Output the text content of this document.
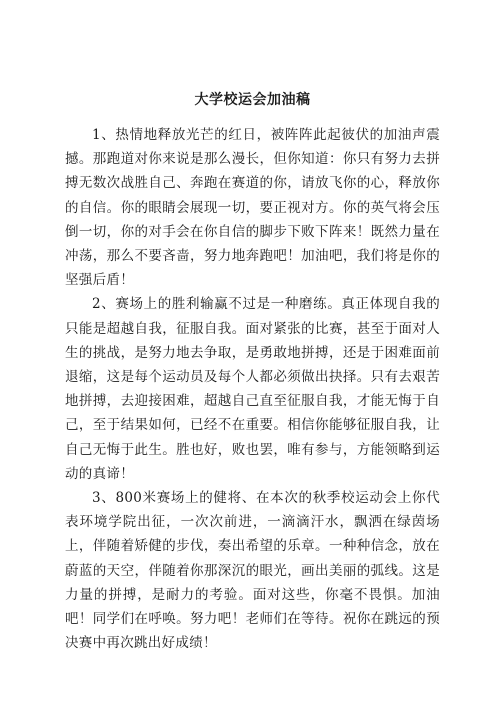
大学校运会加油稿

1、热情地释放光芒的红日，被阵阵此起彼伏的加油声震撼。那跑道对你来说是那么漫长，但你知道：你只有努力去拼搏无数次战胜自己、奔跑在赛道的你，请放飞你的心，释放你的自信。你的眼睛会展现一切，要正视对方。你的英气将会压倒一切，你的对手会在你自信的脚步下败下阵来！既然力量在冲荡，那么不要吝啬，努力地奔跑吧！加油吧，我们将是你的坚强后盾！

2、赛场上的胜利输赢不过是一种磨练。真正体现自我的只能是超越自我，征服自我。面对紧张的比赛，甚至于面对人生的挑战，是努力地去争取，是勇敢地拼搏，还是于困难面前退缩，这是每个运动员及每个人都必须做出抉择。只有去艰苦地拼搏，去迎接困难，超越自己直至征服自我，才能无悔于自己，至于结果如何，已经不在重要。相信你能够征服自我，让自己无悔于此生。胜也好，败也罢，唯有参与，方能领略到运动的真谛！

3、800米赛场上的健将、在本次的秋季校运动会上你代表环境学院出征，一次次前进，一滴滴汗水，飘洒在绿茵场上，伴随着矫健的步伐，奏出希望的乐章。一种种信念，放在蔚蓝的天空，伴随着你那深沉的眼光，画出美丽的弧线。这是力量的拼搏，是耐力的考验。面对这些，你毫不畏惧。加油吧！同学们在呼唤。努力吧！老师们在等待。祝你在跳远的预决赛中再次跳出好成绩！
